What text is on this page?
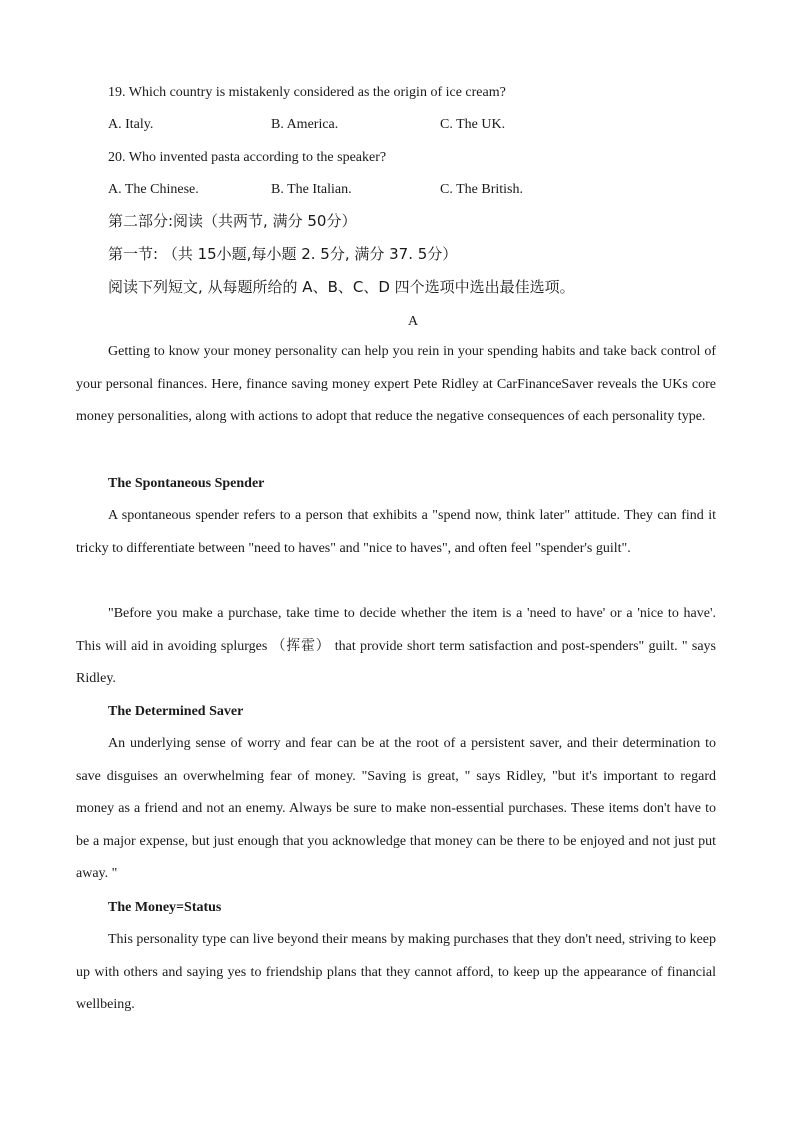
19. Which country is mistakenly considered as the origin of ice cream?
A. Italy.	B. America.	C. The UK.
20. Who invented pasta according to the speaker?
A. The Chinese.	B. The Italian.	C. The British.
第二部分:阅读（共两节, 满分 50分）
第一节: （共 15小题,每小题 2. 5分, 满分 37. 5分）
阅读下列短文, 从每题所给的 A、B、C、D 四个选项中选出最佳选项。
A

Getting to know your money personality can help you rein in your spending habits and take back control of your personal finances. Here, finance saving money expert Pete Ridley at CarFinanceSaver reveals the UKs core money personalities, along with actions to adopt that reduce the negative consequences of each personality type.

The Spontaneous Spender

A spontaneous spender refers to a person that exhibits a "spend now, think later" attitude. They can find it tricky to differentiate between "need to haves" and "nice to haves", and often feel "spender's guilt".

"Before you make a purchase, take time to decide whether the item is a 'need to have' or a 'nice to have'. This will aid in avoiding splurges （挥霍） that provide short term satisfaction and post-spenders" guilt. " says Ridley.

The Determined Saver

An underlying sense of worry and fear can be at the root of a persistent saver, and their determination to save disguises an overwhelming fear of money. "Saving is great, " says Ridley, "but it's important to regard money as a friend and not an enemy. Always be sure to make non-essential purchases. These items don't have to be a major expense, but just enough that you acknowledge that money can be there to be enjoyed and not just put away. "

The Money=Status

This personality type can live beyond their means by making purchases that they don't need, striving to keep up with others and saying yes to friendship plans that they cannot afford, to keep up the appearance of financial wellbeing.
